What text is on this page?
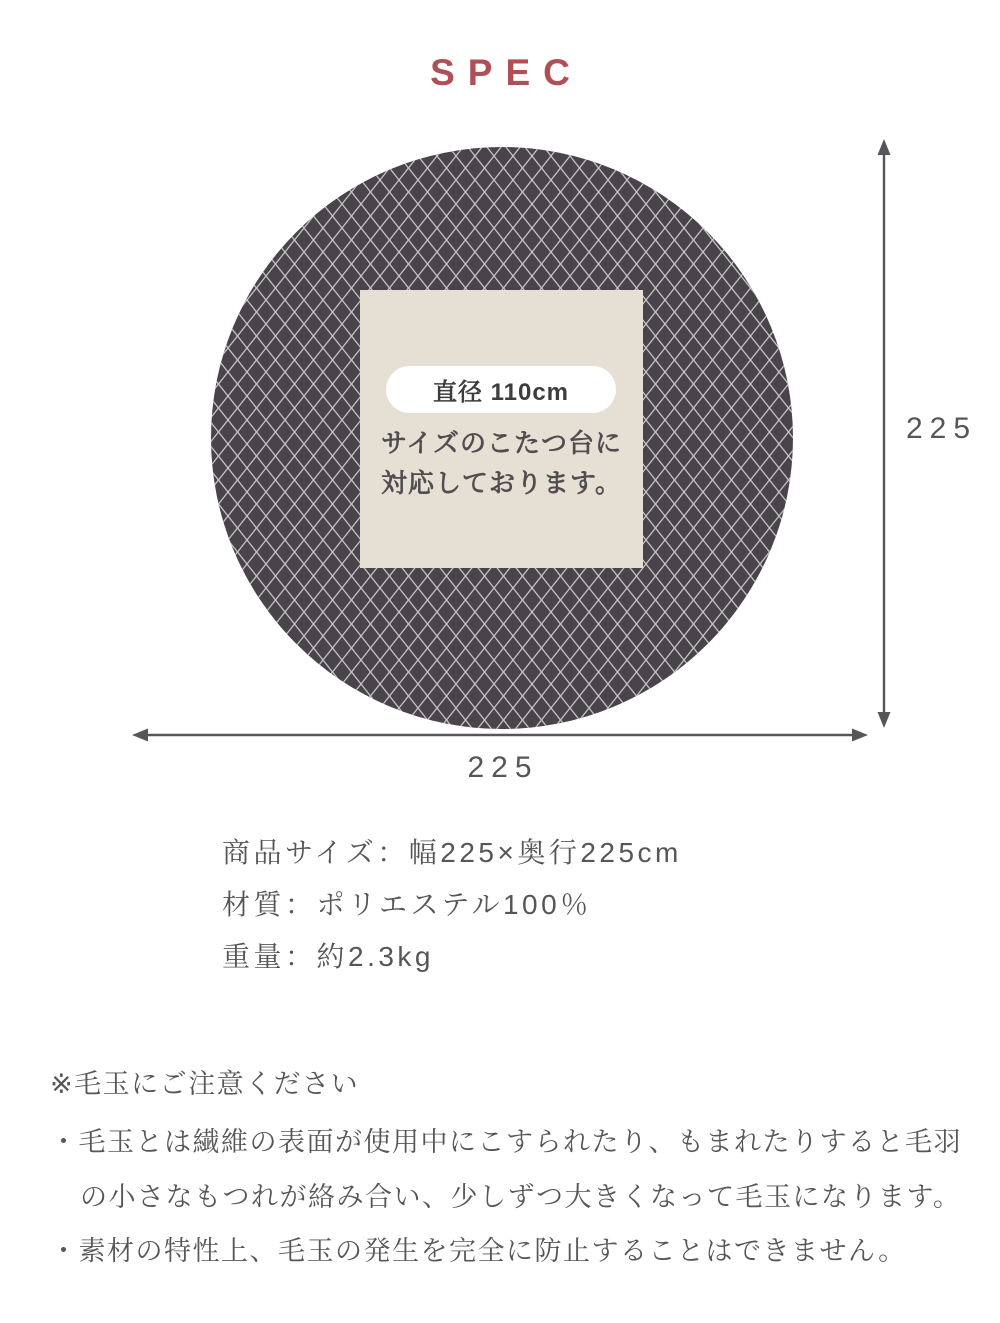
SPEC
直径 110cm
サイズのこたつ台に
対応しております。
225
225
商品サイズ：幅225×奥行225cm
材質：ポリエステル100％
重量：約2.3kg
※毛玉にご注意ください
・毛玉とは繊維の表面が使用中にこすられたり、もまれたりすると毛羽
の小さなもつれが絡み合い、少しずつ大きくなって毛玉になります。
・素材の特性上、毛玉の発生を完全に防止することはできません。
